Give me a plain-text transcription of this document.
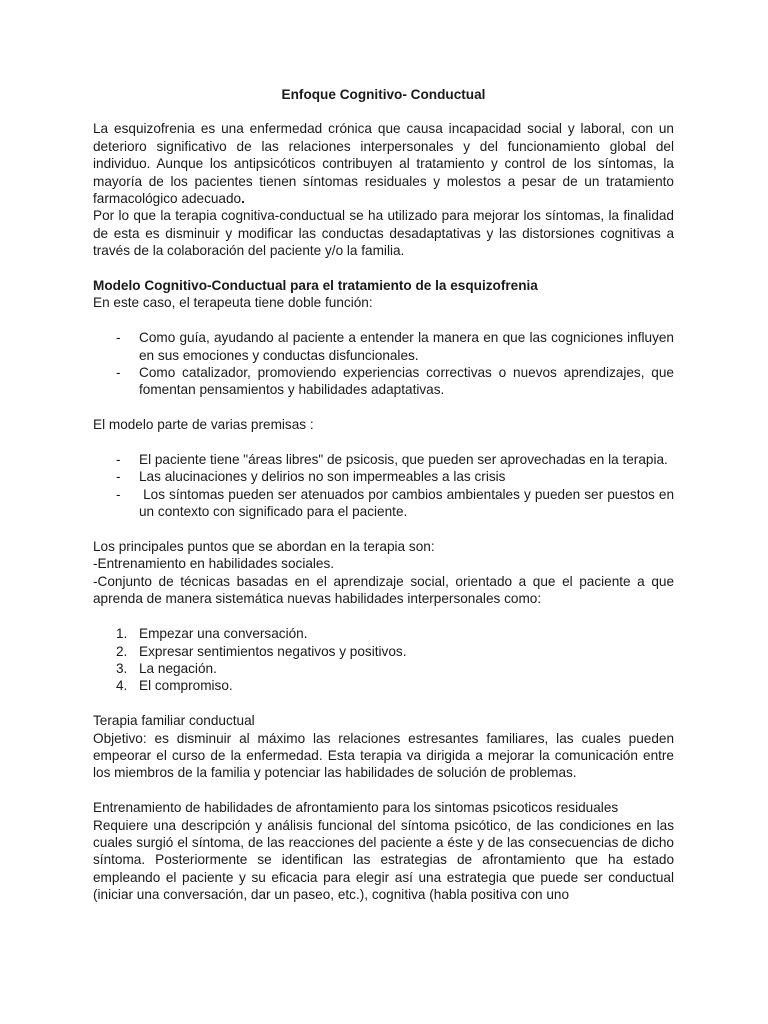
Enfoque Cognitivo- Conductual

La esquizofrenia es una enfermedad crónica que causa incapacidad social y laboral, con un deterioro significativo de las relaciones interpersonales y del funcionamiento global del individuo. Aunque los antipsicóticos contribuyen al tratamiento y control de los síntomas, la mayoría de los pacientes tienen síntomas residuales y molestos a pesar de un tratamiento farmacológico adecuado.

Por lo que la terapia cognitiva-conductual se ha utilizado para mejorar los síntomas, la finalidad de esta es disminuir y modificar las conductas desadaptativas y las distorsiones cognitivas a través de la colaboración del paciente y/o la familia.

Modelo Cognitivo-Conductual para el tratamiento de la esquizofrenia

En este caso, el terapeuta tiene doble función:

- Como guía, ayudando al paciente a entender la manera en que las cogniciones influyen en sus emociones y conductas disfuncionales.
- Como catalizador, promoviendo experiencias correctivas o nuevos aprendizajes, que fomentan pensamientos y habilidades adaptativas.

El modelo parte de varias premisas :

- El paciente tiene "áreas libres" de psicosis, que pueden ser aprovechadas en la terapia.
- Las alucinaciones y delirios no son impermeables a las crisis
- Los síntomas pueden ser atenuados por cambios ambientales y pueden ser puestos en un contexto con significado para el paciente.

Los principales puntos que se abordan en la terapia son:

-Entrenamiento en habilidades sociales.

-Conjunto de técnicas basadas en el aprendizaje social, orientado a que el paciente a que aprenda de manera sistemática nuevas habilidades interpersonales como:

1. Empezar una conversación.
2. Expresar sentimientos negativos y positivos.
3. La negación.
4. El compromiso.

Terapia familiar conductual

Objetivo: es disminuir al máximo las relaciones estresantes familiares, las cuales pueden empeorar el curso de la enfermedad. Esta terapia va dirigida a mejorar la comunicación entre los miembros de la familia y potenciar las habilidades de solución de problemas.

Entrenamiento de habilidades de afrontamiento para los sintomas psicoticos residuales

Requiere una descripción y análisis funcional del síntoma psicótico, de las condiciones en las cuales surgió el síntoma, de las reacciones del paciente a éste y de las consecuencias de dicho síntoma. Posteriormente se identifican las estrategias de afrontamiento que ha estado empleando el paciente y su eficacia para elegir así una estrategia que puede ser conductual (iniciar una conversación, dar un paseo, etc.), cognitiva (habla positiva con uno
